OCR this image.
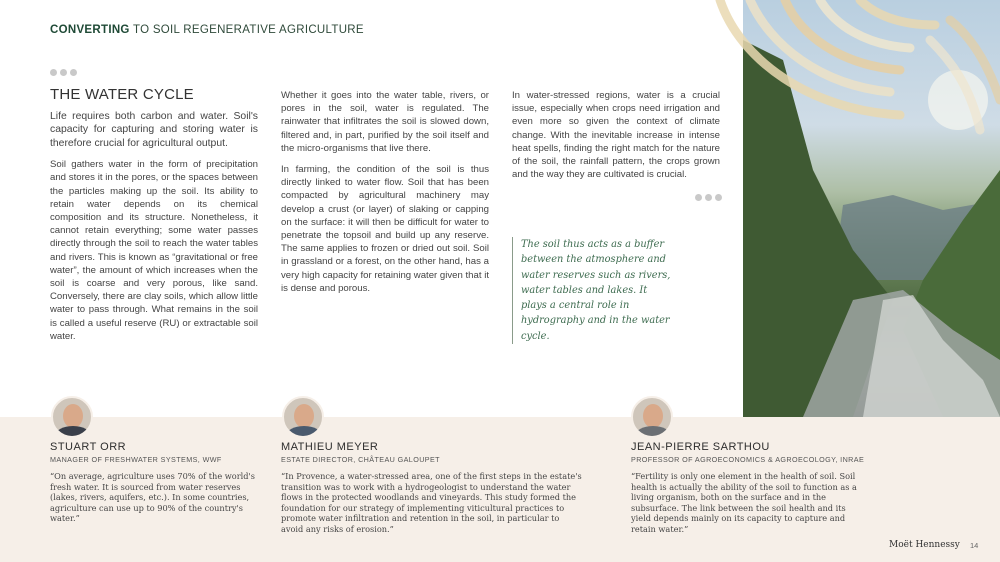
CONVERTING TO SOIL REGENERATIVE AGRICULTURE
THE WATER CYCLE

Life requires both carbon and water. Soil's capacity for capturing and storing water is therefore crucial for agricultural output.

Soil gathers water in the form of precipitation and stores it in the pores, or the spaces between the particles making up the soil. Its ability to retain water depends on its chemical composition and its structure. Nonetheless, it cannot retain everything; some water passes directly through the soil to reach the water tables and rivers. This is known as “gravitational or free water”, the amount of which increases when the soil is coarse and very porous, like sand. Conversely, there are clay soils, which allow little water to pass through. What remains in the soil is called a useful reserve (RU) or extractable soil water.

Whether it goes into the water table, rivers, or pores in the soil, water is regulated. The rainwater that infiltrates the soil is slowed down, filtered and, in part, purified by the soil itself and the micro-organisms that live there.

In farming, the condition of the soil is thus directly linked to water flow. Soil that has been compacted by agricultural machinery may develop a crust (or layer) of slaking or capping on the surface: it will then be difficult for water to penetrate the topsoil and build up any reserve. The same applies to frozen or dried out soil. Soil in grassland or a forest, on the other hand, has a very high capacity for retaining water given that it is dense and porous.

In water-stressed regions, water is a crucial issue, especially when crops need irrigation and even more so given the context of climate change. With the inevitable increase in intense heat spells, finding the right match for the nature of the soil, the rainfall pattern, the crops grown and the way they are cultivated is crucial.

The soil thus acts as a buffer between the atmosphere and water reserves such as rivers, water tables and lakes. It plays a central role in hydrography and in the water cycle.
STUART ORR
MANAGER OF FRESHWATER SYSTEMS, WWF
“On average, agriculture uses 70% of the world's fresh water. It is sourced from water reserves (lakes, rivers, aquifers, etc.). In some countries, agriculture can use up to 90% of the country's water.”
MATHIEU MEYER
ESTATE DIRECTOR, CHÂTEAU GALOUPET
“In Provence, a water-stressed area, one of the first steps in the estate's transition was to work with a hydrogeologist to understand the water flows in the protected woodlands and vineyards. This study formed the foundation for our strategy of implementing viticultural practices to promote water infiltration and retention in the soil, in particular to avoid any risks of erosion.”
JEAN-PIERRE SARTHOU
PROFESSOR OF AGROECONOMICS & AGROECOLOGY, INRAE
“Fertility is only one element in the health of soil. Soil health is actually the ability of the soil to function as a living organism, both on the surface and in the subsurface. The link between the soil health and its yield depends mainly on its capacity to capture and retain water.”
Moët Hennessy 14
